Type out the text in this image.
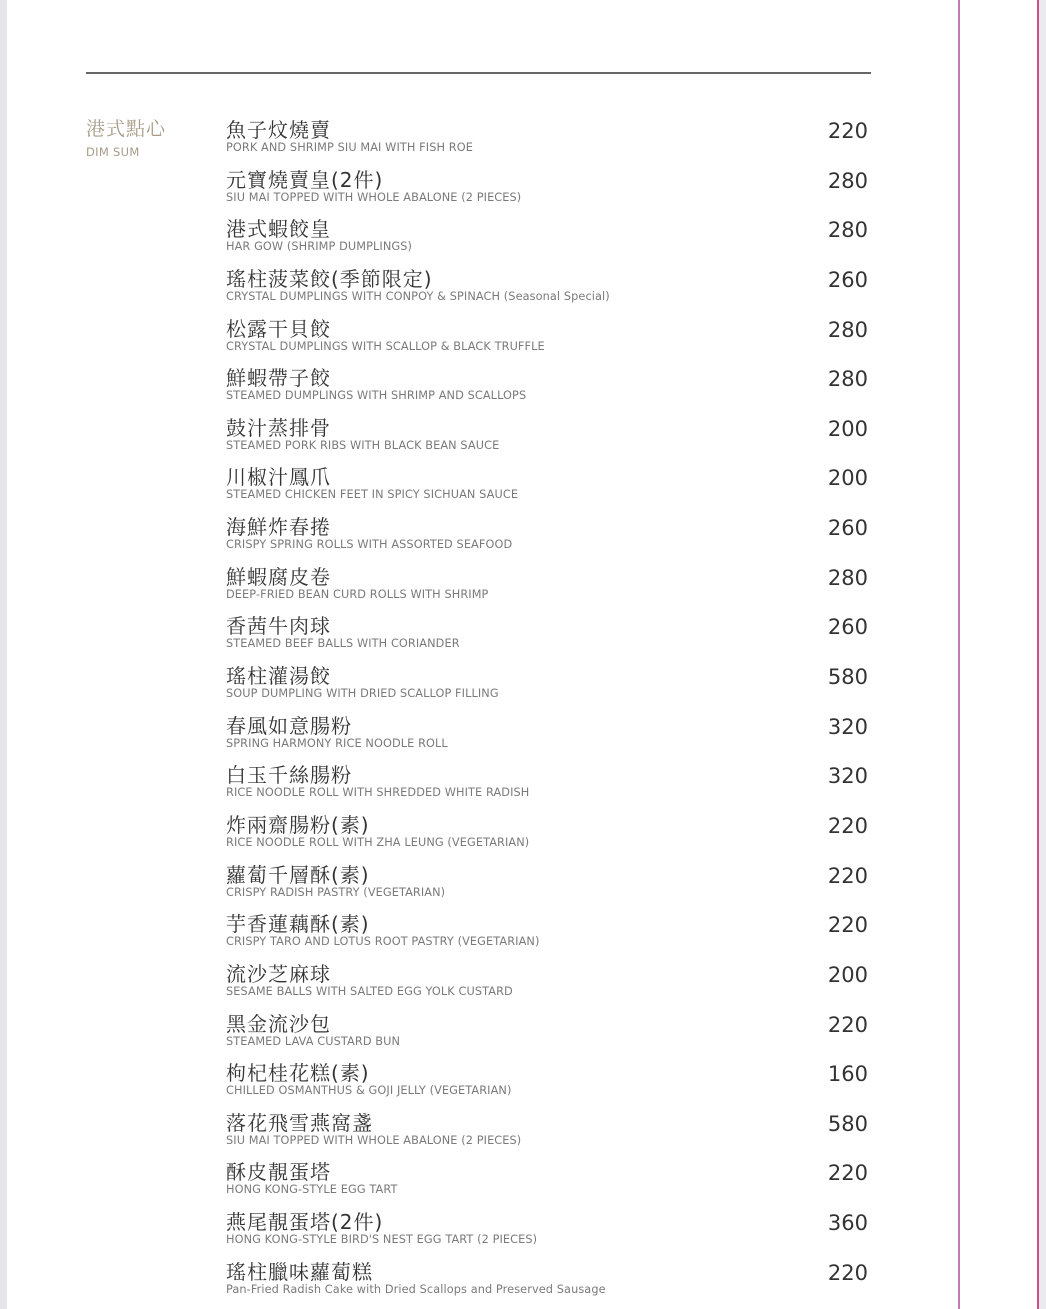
港式點心
DIM SUM
魚子炆燒賣
PORK AND SHRIMP SIU MAI WITH FISH ROE
220
元寶燒賣皇(2件)
SIU MAI TOPPED WITH WHOLE ABALONE (2 PIECES)
280
港式蝦餃皇
HAR GOW (SHRIMP DUMPLINGS)
280
瑤柱菠菜餃(季節限定)
CRYSTAL DUMPLINGS WITH CONPOY & SPINACH (Seasonal Special)
260
松露干貝餃
CRYSTAL DUMPLINGS WITH SCALLOP & BLACK TRUFFLE
280
鮮蝦帶子餃
STEAMED DUMPLINGS WITH SHRIMP AND SCALLOPS
280
鼓汁蒸排骨
STEAMED PORK RIBS WITH BLACK BEAN SAUCE
200
川椒汁鳳爪
STEAMED CHICKEN FEET IN SPICY SICHUAN SAUCE
200
海鮮炸春捲
CRISPY SPRING ROLLS WITH ASSORTED SEAFOOD
260
鮮蝦腐皮卷
DEEP-FRIED BEAN CURD ROLLS WITH SHRIMP
280
香茜牛肉球
STEAMED BEEF BALLS WITH CORIANDER
260
瑤柱灌湯餃
SOUP DUMPLING WITH DRIED SCALLOP FILLING
580
春風如意腸粉
SPRING HARMONY RICE NOODLE ROLL
320
白玉千絲腸粉
RICE NOODLE ROLL WITH SHREDDED WHITE RADISH
320
炸兩齋腸粉(素)
RICE NOODLE ROLL WITH ZHA LEUNG (VEGETARIAN)
220
蘿蔔千層酥(素)
CRISPY RADISH PASTRY (VEGETARIAN)
220
芋香蓮藕酥(素)
CRISPY TARO AND LOTUS ROOT PASTRY (VEGETARIAN)
220
流沙芝麻球
SESAME BALLS WITH SALTED EGG YOLK CUSTARD
200
黑金流沙包
STEAMED LAVA CUSTARD BUN
220
枸杞桂花糕(素)
CHILLED OSMANTHUS & GOJI JELLY (VEGETARIAN)
160
落花飛雪燕窩盞
SIU MAI TOPPED WITH WHOLE ABALONE (2 PIECES)
580
酥皮靚蛋塔
HONG KONG-STYLE EGG TART
220
燕尾靚蛋塔(2件)
HONG KONG-STYLE BIRD'S NEST EGG TART (2 PIECES)
360
瑤柱臘味蘿蔔糕
Pan-Fried Radish Cake with Dried Scallops and Preserved Sausage
220
